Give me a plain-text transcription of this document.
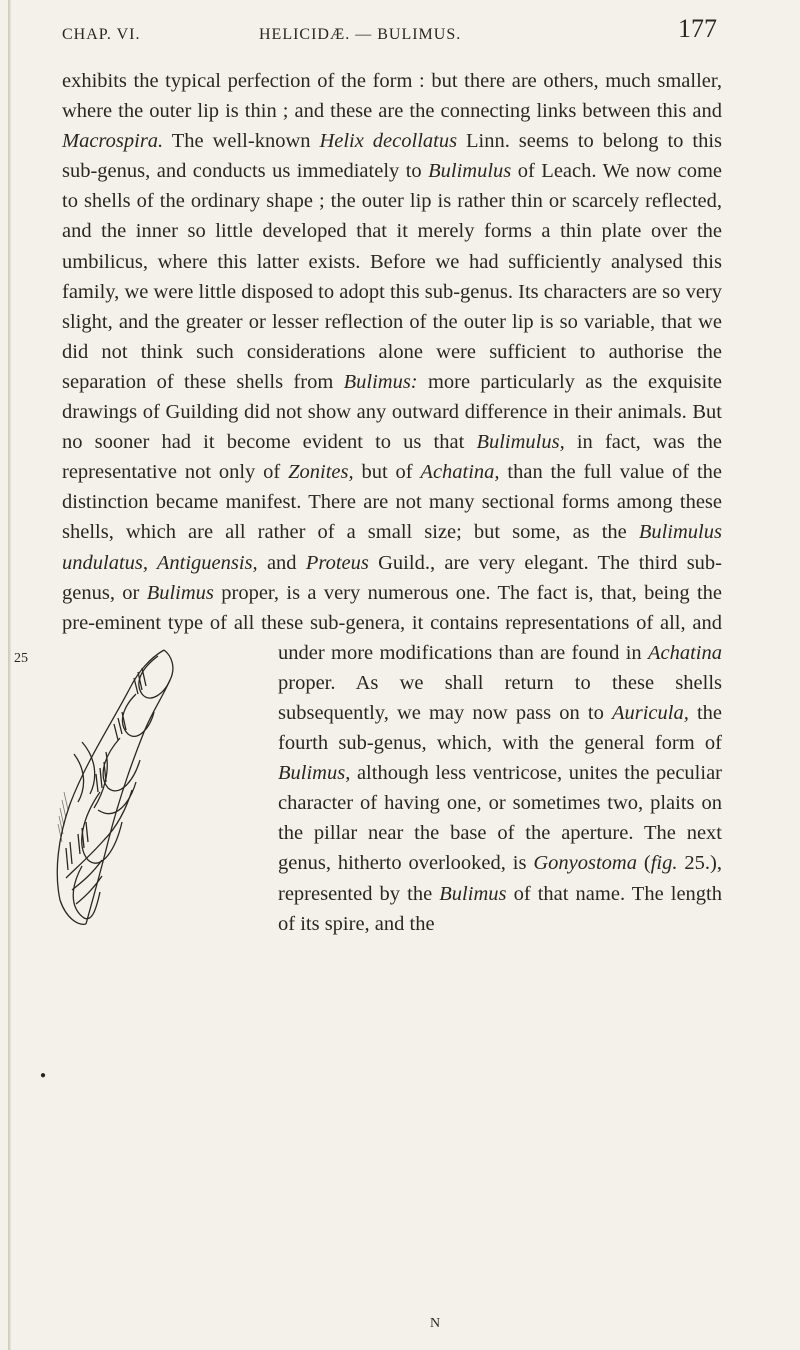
CHAP. VI.	HELICIDÆ. — BULIMUS.	177

exhibits the typical perfection of the form : but there are others, much smaller, where the outer lip is thin ; and these are the connecting links between this and Macrospira. The well-known Helix decollatus Linn. seems to belong to this sub-genus, and conducts us immediately to Bulimulus of Leach. We now come to shells of the ordinary shape ; the outer lip is rather thin or scarcely reflected, and the inner so little developed that it merely forms a thin plate over the umbilicus, where this latter exists. Before we had sufficiently analysed this family, we were little disposed to adopt this sub-genus. Its characters are so very slight, and the greater or lesser reflection of the outer lip is so variable, that we did not think such considerations alone were sufficient to authorise the separation of these shells from Bulimus: more particularly as the exquisite drawings of Guilding did not show any outward difference in their animals. But no sooner had it become evident to us that Bulimulus, in fact, was the representative not only of Zonites, but of Achatina, than the full value of the distinction became manifest. There are not many sectional forms among these shells, which are all rather of a small size; but some, as the Bulimulus undulatus, Antiguensis, and Proteus Guild., are very elegant. The third sub-genus, or Bulimus proper, is a very numerous one. The fact is, that, being the pre-eminent type of all these sub-genera, it contains representations of all, and under more modifications than are found in
25	Achatina proper. As we shall return to these shells subsequently, we may now pass on to Auricula, the fourth sub-genus, which, with the general form of Bulimus, although less ventricose, unites the peculiar character of having one, or sometimes two, plaits on the pillar near the base of the aperture. The next genus, hitherto overlooked, is Gonyostoma (fig. 25.), represented by the Bulimus of that name. The length of its spire, and the

●
N
